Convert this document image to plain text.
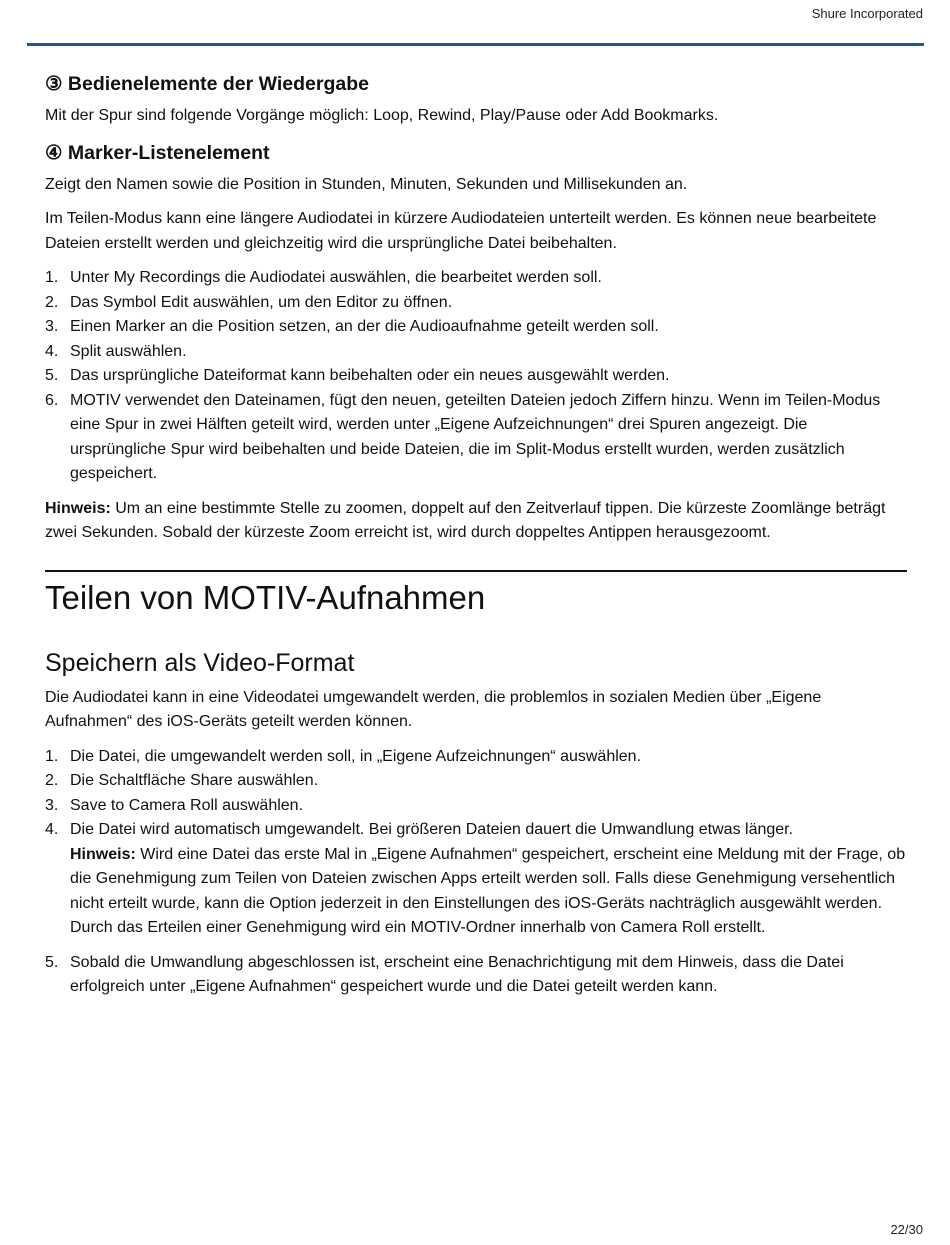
Shure Incorporated
③ Bedienelemente der Wiedergabe

Mit der Spur sind folgende Vorgänge möglich: Loop, Rewind, Play/Pause oder Add Bookmarks.

④ Marker-Listenelement

Zeigt den Namen sowie die Position in Stunden, Minuten, Sekunden und Millisekunden an.

Im Teilen-Modus kann eine längere Audiodatei in kürzere Audiodateien unterteilt werden. Es können neue bearbeitete Dateien erstellt werden und gleichzeitig wird die ursprüngliche Datei beibehalten.

1. Unter My Recordings die Audiodatei auswählen, die bearbeitet werden soll.
2. Das Symbol Edit auswählen, um den Editor zu öffnen.
3. Einen Marker an die Position setzen, an der die Audioaufnahme geteilt werden soll.
4. Split auswählen.
5. Das ursprüngliche Dateiformat kann beibehalten oder ein neues ausgewählt werden.
6. MOTIV verwendet den Dateinamen, fügt den neuen, geteilten Dateien jedoch Ziffern hinzu. Wenn im Teilen-Modus eine Spur in zwei Hälften geteilt wird, werden unter „Eigene Aufzeichnungen“ drei Spuren angezeigt. Die ursprüngliche Spur wird beibehalten und beide Dateien, die im Split-Modus erstellt wurden, werden zusätzlich gespeichert.

Hinweis: Um an eine bestimmte Stelle zu zoomen, doppelt auf den Zeitverlauf tippen. Die kürzeste Zoomlänge beträgt zwei Sekunden. Sobald der kürzeste Zoom erreicht ist, wird durch doppeltes Antippen herausgezoomt.

Teilen von MOTIV-Aufnahmen
Speichern als Video-Format

Die Audiodatei kann in eine Videodatei umgewandelt werden, die problemlos in sozialen Medien über „Eigene Aufnahmen“ des iOS-Geräts geteilt werden können.

1. Die Datei, die umgewandelt werden soll, in „Eigene Aufzeichnungen“ auswählen.
2. Die Schaltfläche Share auswählen.
3. Save to Camera Roll auswählen.
4. Die Datei wird automatisch umgewandelt. Bei größeren Dateien dauert die Umwandlung etwas länger.
Hinweis: Wird eine Datei das erste Mal in „Eigene Aufnahmen“ gespeichert, erscheint eine Meldung mit der Frage, ob die Genehmigung zum Teilen von Dateien zwischen Apps erteilt werden soll. Falls diese Genehmigung versehentlich nicht erteilt wurde, kann die Option jederzeit in den Einstellungen des iOS-Geräts nachträglich ausgewählt werden. Durch das Erteilen einer Genehmigung wird ein MOTIV-Ordner innerhalb von Camera Roll erstellt.
5. Sobald die Umwandlung abgeschlossen ist, erscheint eine Benachrichtigung mit dem Hinweis, dass die Datei erfolgreich unter „Eigene Aufnahmen“ gespeichert wurde und die Datei geteilt werden kann.
22/30
